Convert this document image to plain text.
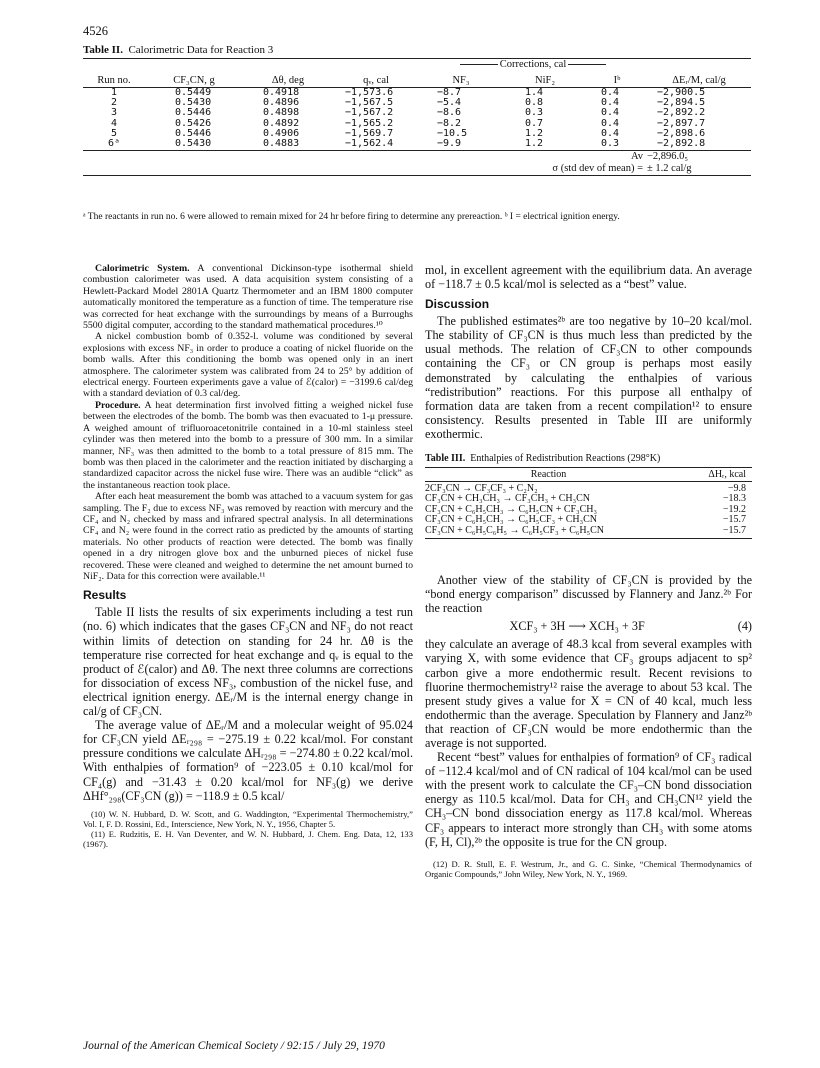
4526
Table II. Calorimetric Data for Reaction 3
				Corrections, cal			
Run no.	CF₃CN, g	Δθ, deg	qᵥ, cal	NF₃	NiF₂	Iᵇ	ΔEᵣ/M, cal/g
1	0.5449	0.4918	−1,573.6	−8.7	1.4	0.4	−2,900.5
2	0.5430	0.4896	−1,567.5	−5.4	0.8	0.4	−2,894.5
3	0.5446	0.4898	−1,567.2	−8.6	0.3	0.4	−2,892.2
4	0.5426	0.4892	−1,565.2	−8.2	0.7	0.4	−2,897.7
5	0.5446	0.4906	−1,569.7	−10.5	1.2	0.4	−2,898.6
6ᵃ	0.5430	0.4883	−1,562.4	−9.9	1.2	0.3	−2,892.8
Av							−2,896.0₅
σ (std dev of mean) =							± 1.2 cal/g
ᵃ The reactants in run no. 6 were allowed to remain mixed for 24 hr before firing to determine any prereaction. ᵇ I = electrical ignition energy.

Calorimetric System. A conventional Dickinson-type isothermal shield combustion calorimeter was used. A data acquisition system consisting of a Hewlett-Packard Model 2801A Quartz Thermometer and an IBM 1800 computer automatically monitored the temperature as a function of time. The temperature rise was corrected for heat exchange with the surroundings by means of a Burroughs 5500 digital computer, according to the standard mathematical procedures.¹⁰

A nickel combustion bomb of 0.352-l. volume was conditioned by several explosions with excess NF₃ in order to produce a coating of nickel fluoride on the bomb walls. After this conditioning the bomb was opened only in an inert atmosphere. The calorimeter system was calibrated from 24 to 25° by addition of electrical energy. Fourteen experiments gave a value of ℰ(calor) = −3199.6 cal/deg with a standard deviation of 0.3 cal/deg.

Procedure. A heat determination first involved fitting a weighed nickel fuse between the electrodes of the bomb. The bomb was then evacuated to 1-μ pressure. A weighed amount of trifluoroacetonitrile contained in a 10-ml stainless steel cylinder was then metered into the bomb to a pressure of 300 mm. In a similar manner, NF₃ was then admitted to the bomb to a total pressure of 815 mm. The bomb was then placed in the calorimeter and the reaction initiated by discharging a standardized capacitor across the nickel fuse wire. There was an audible “click” as the instantaneous reaction took place.

After each heat measurement the bomb was attached to a vacuum system for gas sampling. The F₂ due to excess NF₃ was removed by reaction with mercury and the CF₄ and N₂ checked by mass and infrared spectral analysis. In all determinations CF₄ and N₂ were found in the correct ratio as predicted by the amounts of starting materials. No other products of reaction were detected. The bomb was finally opened in a dry nitrogen glove box and the unburned pieces of nickel fuse recovered. These were cleaned and weighed to determine the net amount burned to NiF₂. Data for this correction were available.¹¹

Results

Table II lists the results of six experiments including a test run (no. 6) which indicates that the gases CF₃CN and NF₃ do not react within limits of detection on standing for 24 hr. Δθ is the temperature rise corrected for heat exchange and qᵥ is equal to the product of ℰ(calor) and Δθ. The next three columns are corrections for dissociation of excess NF₃, combustion of the nickel fuse, and electrical ignition energy. ΔEᵣ/M is the internal energy change in cal/g of CF₃CN.

The average value of ΔEᵣ/M and a molecular weight of 95.024 for CF₃CN yield ΔEᵣ₂₉₈ = −275.19 ± 0.22 kcal/mol. For constant pressure conditions we calculate ΔHᵣ₂₉₈ = −274.80 ± 0.22 kcal/mol. With enthalpies of formation⁹ of −223.05 ± 0.10 kcal/mol for CF₄(g) and −31.43 ± 0.20 kcal/mol for NF₃(g) we derive ΔHf°₂₉₈(CF₃CN (g)) = −118.9 ± 0.5 kcal/

(10) W. N. Hubbard, D. W. Scott, and G. Waddington, “Experimental Thermochemistry,” Vol. I, F. D. Rossini, Ed., Interscience, New York, N. Y., 1956, Chapter 5.

(11) E. Rudzitis, E. H. Van Deventer, and W. N. Hubbard, J. Chem. Eng. Data, 12, 133 (1967).

mol, in excellent agreement with the equilibrium data. An average of −118.7 ± 0.5 kcal/mol is selected as a “best” value.

Discussion

The published estimates²ᵇ are too negative by 10–20 kcal/mol. The stability of CF₃CN is thus much less than predicted by the usual methods. The relation of CF₃CN to other compounds containing the CF₃ or CN group is perhaps most easily demonstrated by calculating the enthalpies of various “redistribution” reactions. For this purpose all enthalpy of formation data are taken from a recent compilation¹² to ensure consistency. Results presented in Table III are uniformly exothermic.

Table III. Enthalpies of Redistribution Reactions (298°K)
Reaction	ΔHᵣ, kcal
2CF₃CN → CF₃CF₃ + C₂N₂	−9.8
CF₃CN + CH₃CH₃ → CF₃CH₃ + CH₃CN	−18.3
CF₃CN + C₆H₅CH₃ → C₆H₅CN + CF₃CH₃	−19.2
CF₃CN + C₆H₅CH₃ → C₆H₅CF₃ + CH₃CN	−15.7
CF₃CN + C₆H₅C₆H₅ → C₆H₅CF₃ + C₆H₅CN	−15.7

Another view of the stability of CF₃CN is provided by the “bond energy comparison” discussed by Flannery and Janz.²ᵇ For the reaction

XCF₃ + 3H ⟶ XCH₃ + 3F	(4)

they calculate an average of 48.3 kcal from several examples with varying X, with some evidence that CF₃ groups adjacent to sp² carbon give a more endothermic result. Recent revisions to fluorine thermochemistry¹² raise the average to about 53 kcal. The present study gives a value for X = CN of 40 kcal, much less endothermic than the average. Speculation by Flannery and Janz²ᵇ that reaction of CF₃CN would be more endothermic than the average is not supported.

Recent “best” values for enthalpies of formation⁹ of CF₃ radical of −112.4 kcal/mol and of CN radical of 104 kcal/mol can be used with the present work to calculate the CF₃–CN bond dissociation energy as 110.5 kcal/mol. Data for CH₃ and CH₃CN¹² yield the CH₃–CN bond dissociation energy as 117.8 kcal/mol. Whereas CF₃ appears to interact more strongly than CH₃ with some atoms (F, H, Cl),²ᵇ the opposite is true for the CN group.

(12) D. R. Stull, E. F. Westrum, Jr., and G. C. Sinke, “Chemical Thermodynamics of Organic Compounds,” John Wiley, New York, N. Y., 1969.

Journal of the American Chemical Society / 92:15 / July 29, 1970
